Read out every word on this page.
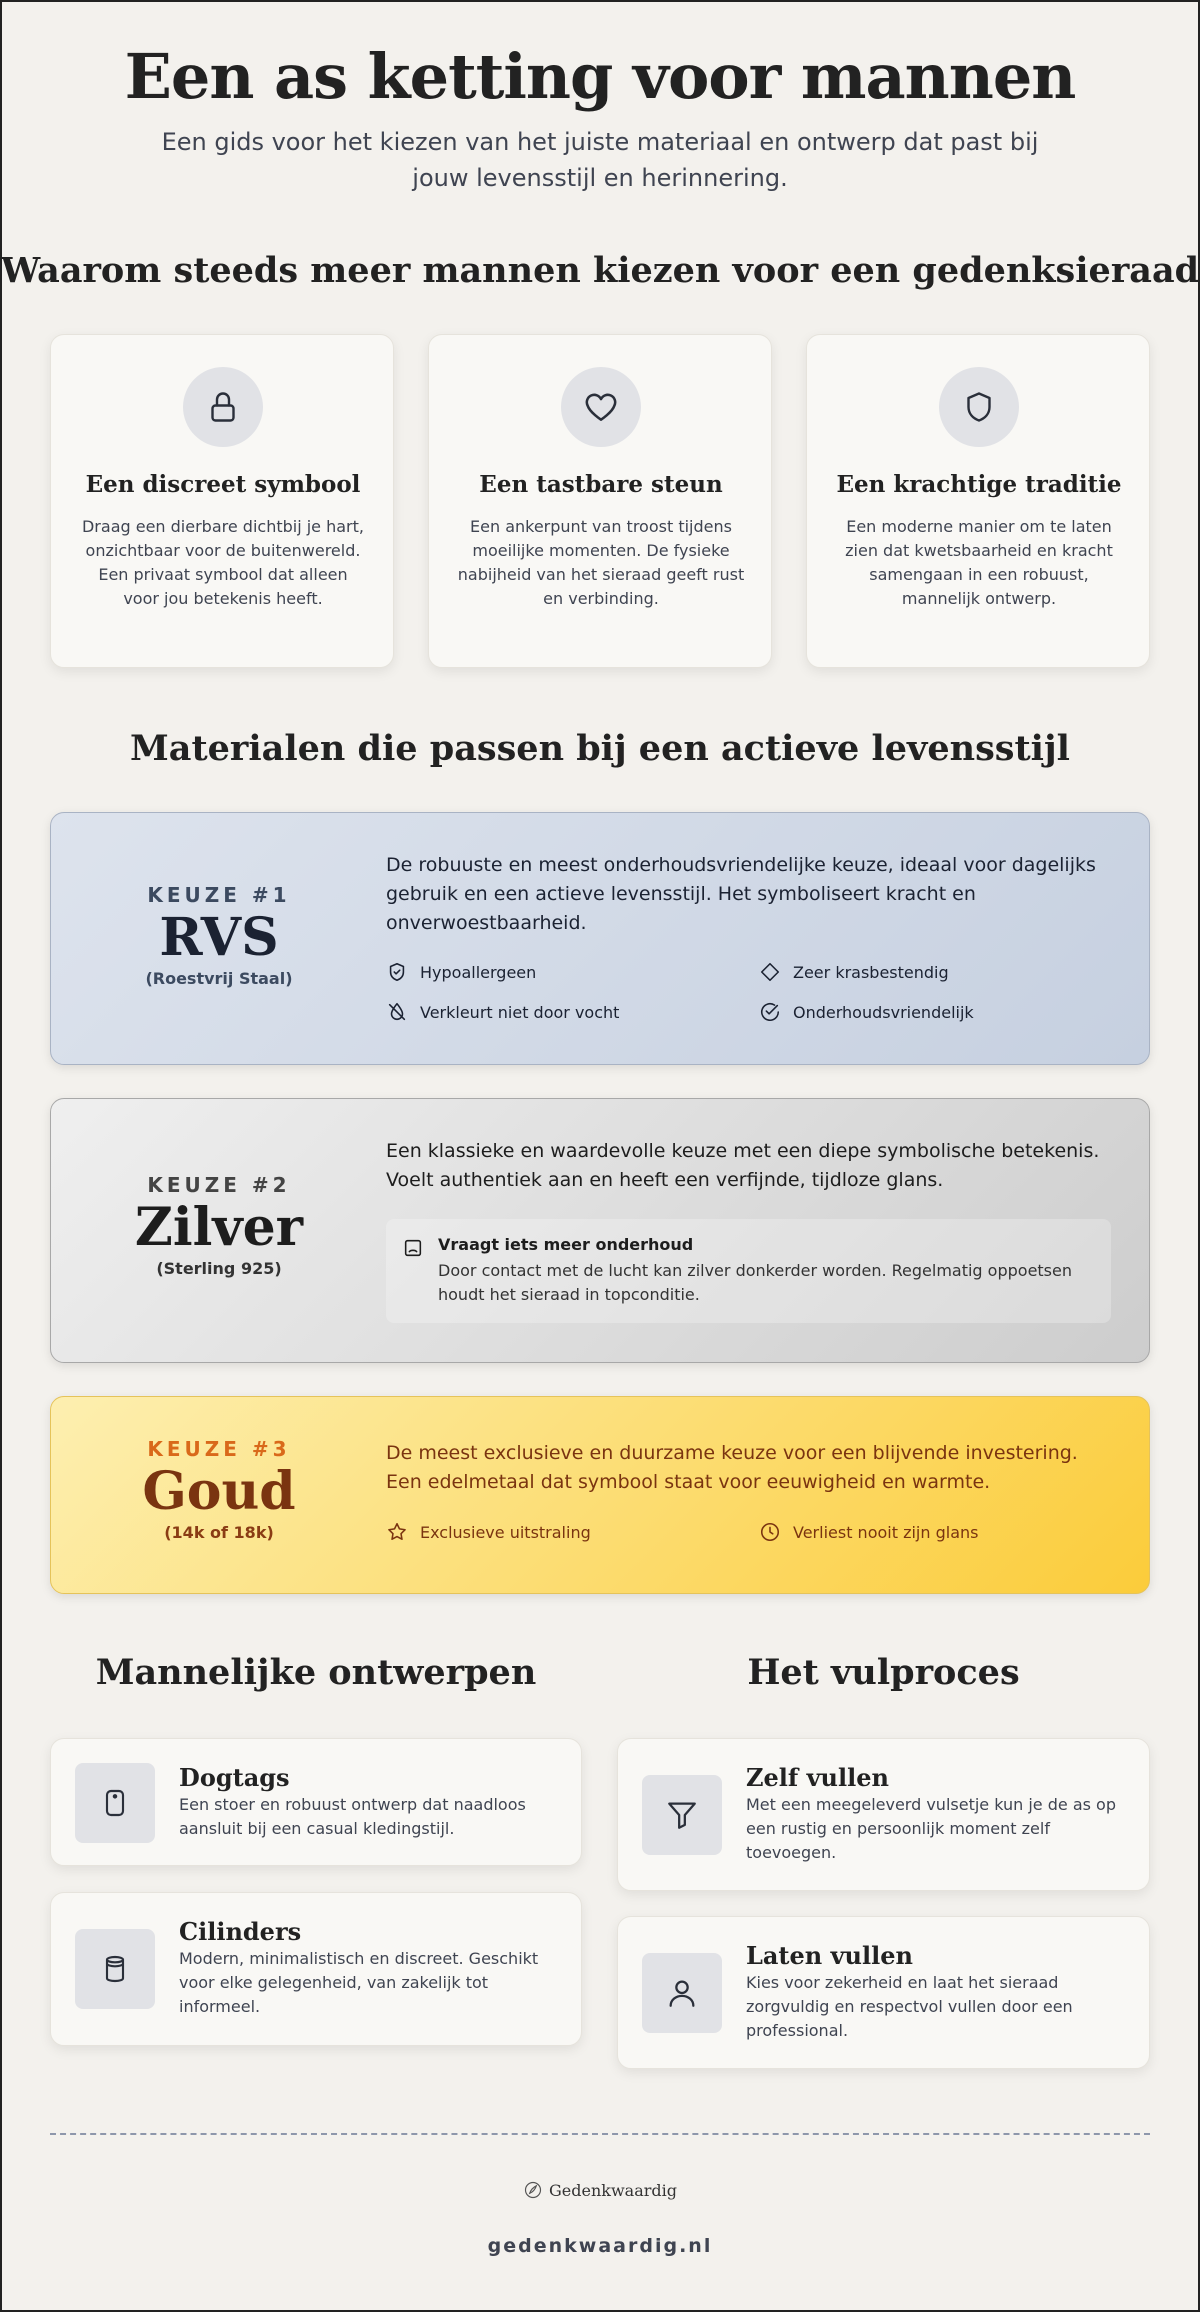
Een as ketting voor mannen

Een gids voor het kiezen van het juiste materiaal en ontwerp dat past bij jouw levensstijl en herinnering.

Waarom steeds meer mannen kiezen voor een gedenksieraad
Een discreet symbool
Draag een dierbare dichtbij je hart, onzichtbaar voor de buitenwereld. Een privaat symbool dat alleen voor jou betekenis heeft.
Een tastbare steun
Een ankerpunt van troost tijdens moeilijke momenten. De fysieke nabijheid van het sieraad geeft rust en verbinding.
Een krachtige traditie
Een moderne manier om te laten zien dat kwetsbaarheid en kracht samengaan in een robuust, mannelijk ontwerp.
Materialen die passen bij een actieve levensstijl
KEUZE #1
RVS
(Roestvrij Staal)
De robuuste en meest onderhoudsvriendelijke keuze, ideaal voor dagelijks gebruik en een actieve levensstijl. Het symboliseert kracht en onverwoestbaarheid.
Hypoallergeen	Zeer krasbestendig
Verkleurt niet door vocht	Onderhoudsvriendelijk
KEUZE #2
Zilver
(Sterling 925)
Een klassieke en waardevolle keuze met een diepe symbolische betekenis. Voelt authentiek aan en heeft een verfijnde, tijdloze glans.
Vraagt iets meer onderhoud
Door contact met de lucht kan zilver donkerder worden. Regelmatig oppoetsen houdt het sieraad in topconditie.
KEUZE #3
Goud
(14k of 18k)
De meest exclusieve en duurzame keuze voor een blijvende investering. Een edelmetaal dat symbool staat voor eeuwigheid en warmte.
Exclusieve uitstraling	Verliest nooit zijn glans
Mannelijke ontwerpen	Het vulproces
Dogtags
Een stoer en robuust ontwerp dat naadloos aansluit bij een casual kledingstijl.
Cilinders
Modern, minimalistisch en discreet. Geschikt voor elke gelegenheid, van zakelijk tot informeel.
Zelf vullen
Met een meegeleverd vulsetje kun je de as op een rustig en persoonlijk moment zelf toevoegen.
Laten vullen
Kies voor zekerheid en laat het sieraad zorgvuldig en respectvol vullen door een professional.
Gedenkwaardig
gedenkwaardig.nl
